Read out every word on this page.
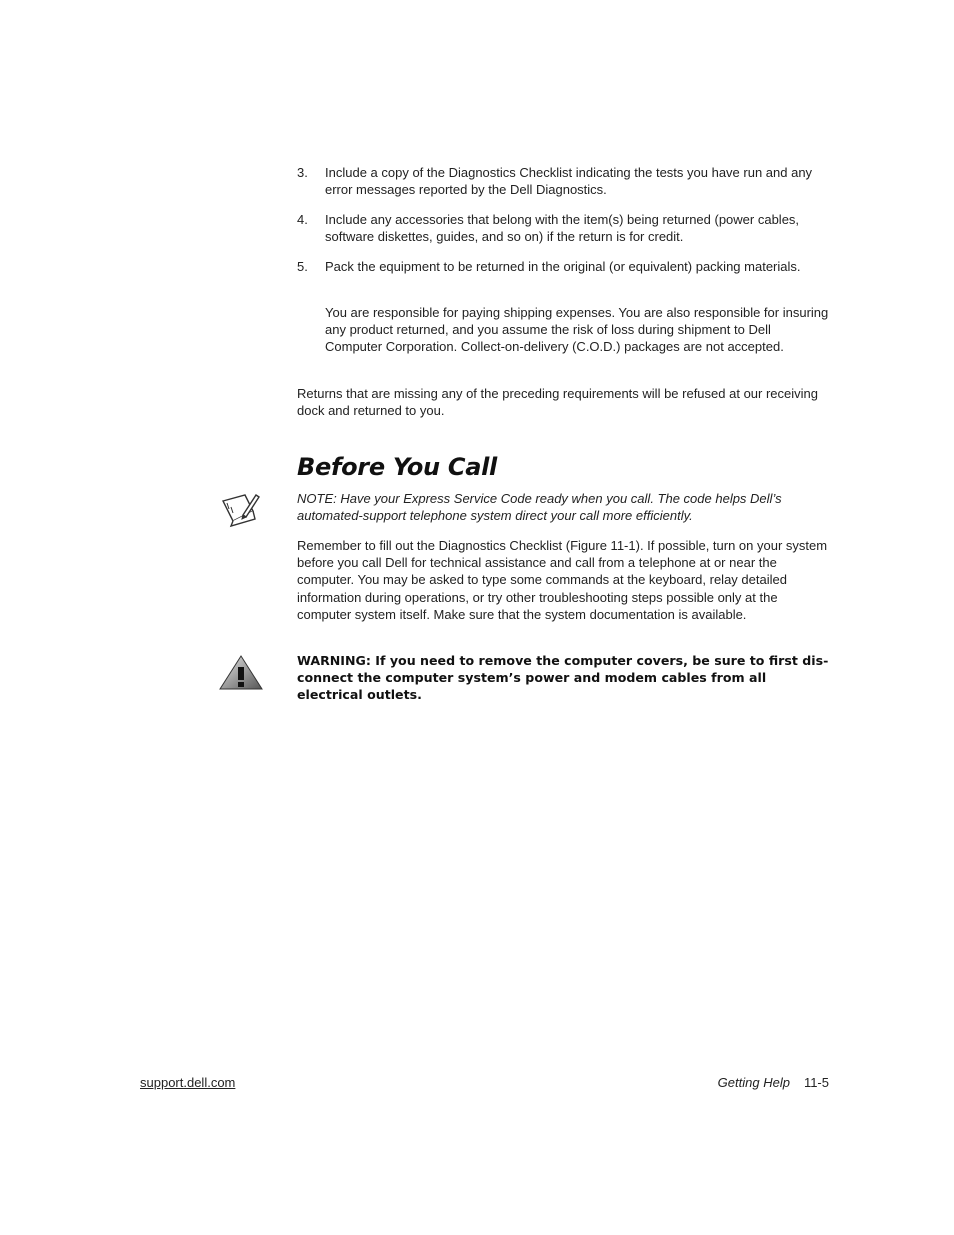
3.	Include a copy of the Diagnostics Checklist indicating the tests you have run and any error messages reported by the Dell Diagnostics.

4.	Include any accessories that belong with the item(s) being returned (power cables, software diskettes, guides, and so on) if the return is for credit.

5.	Pack the equipment to be returned in the original (or equivalent) packing materials.

You are responsible for paying shipping expenses. You are also responsible for insuring any product returned, and you assume the risk of loss during shipment to Dell Computer Corporation. Collect-on-delivery (C.O.D.) packages are not accepted.

Returns that are missing any of the preceding requirements will be refused at our receiving dock and returned to you.

Before You Call

NOTE: Have your Express Service Code ready when you call. The code helps Dell’s automated-support telephone system direct your call more efficiently.

Remember to fill out the Diagnostics Checklist (Figure 11-1). If possible, turn on your system before you call Dell for technical assistance and call from a telephone at or near the computer. You may be asked to type some commands at the keyboard, relay detailed information during operations, or try other troubleshooting steps possible only at the computer system itself. Make sure that the system documentation is available.

WARNING: If you need to remove the computer covers, be sure to first dis-connect the computer system’s power and modem cables from all electrical outlets.

support.dell.com	Getting Help 11-5
